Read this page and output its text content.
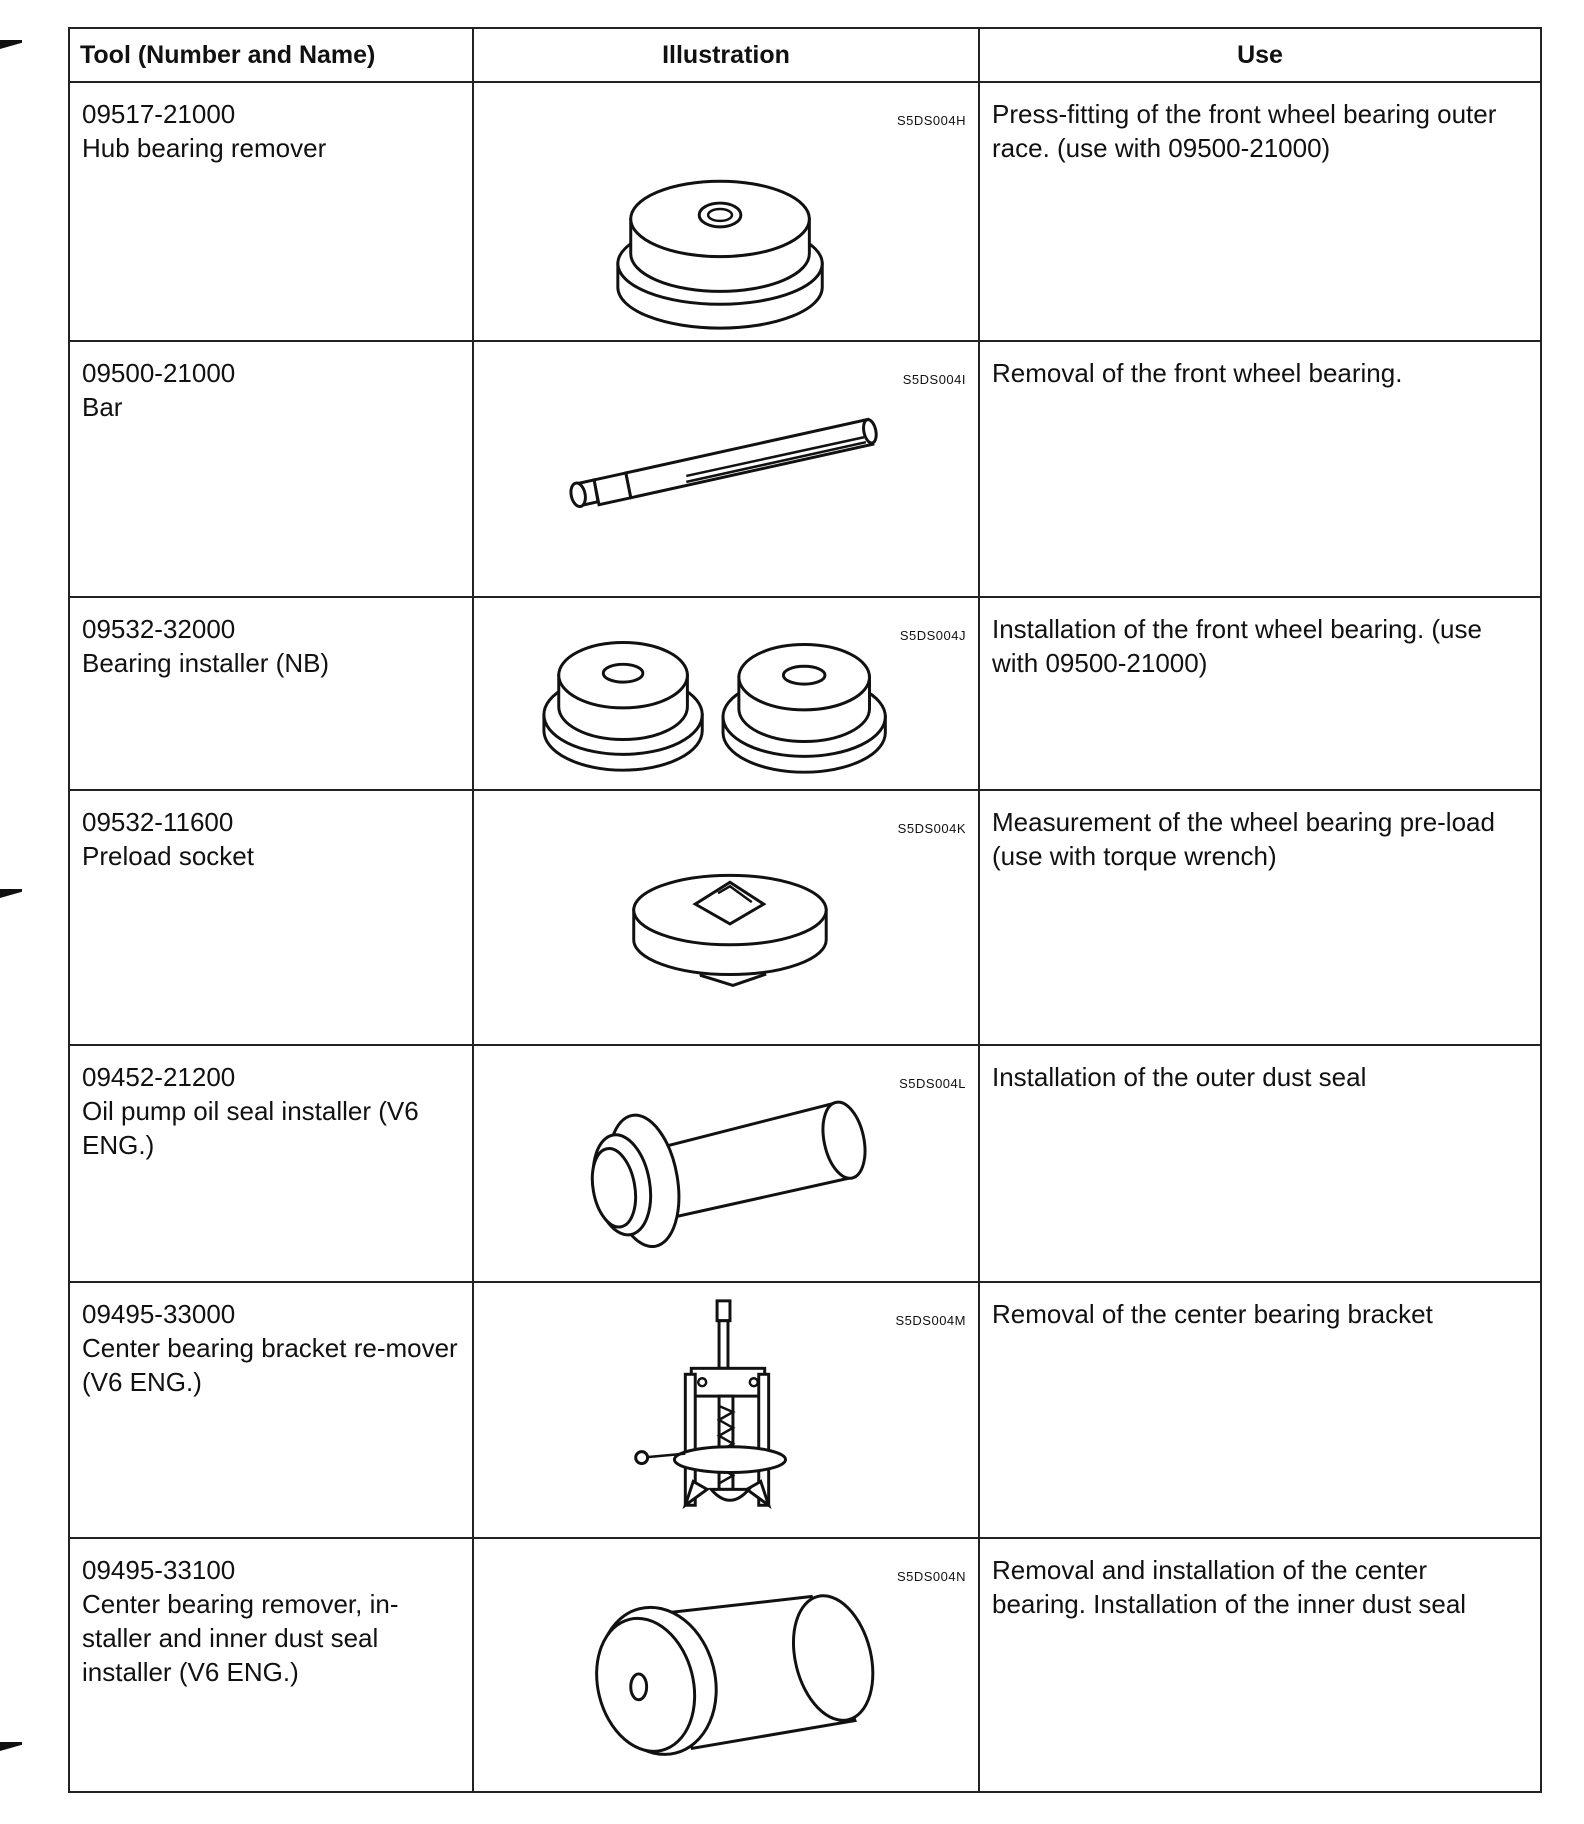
Tool (Number and Name)	Illustration	Use

09517-21000
Hub bearing remover	S5DS004H	Press-fitting of the front wheel bearing outer race. (use with 09500-21000)

09500-21000
Bar	S5DS004I	Removal of the front wheel bearing.

09532-32000
Bearing installer (NB)	S5DS004J	Installation of the front wheel bearing. (use with 09500-21000)

09532-11600
Preload socket	S5DS004K	Measurement of the wheel bearing pre-load (use with torque wrench)

09452-21200
Oil pump oil seal installer (V6 ENG.)	S5DS004L	Installation of the outer dust seal

09495-33000
Center bearing bracket re-mover (V6 ENG.)	S5DS004M	Removal of the center bearing bracket

09495-33100
Center bearing remover, in-staller and inner dust seal installer (V6 ENG.)	S5DS004N	Removal and installation of the center bearing. Installation of the inner dust seal
